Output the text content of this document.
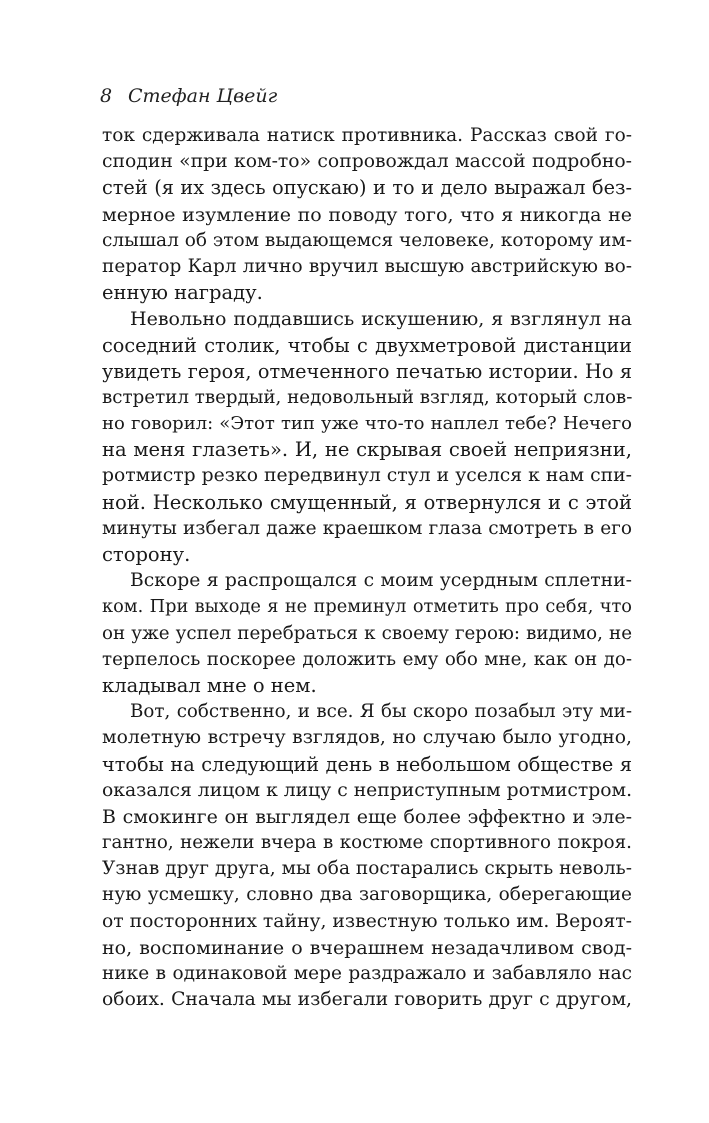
8 Стефан Цвейг
ток сдерживала натиск противника. Рассказ свой го-
сподин «при ком-то» сопровождал массой подробно-
стей (я их здесь опускаю) и то и дело выражал без-
мерное изумление по поводу того, что я никогда не
слышал об этом выдающемся человеке, которому им-
ператор Карл лично вручил высшую австрийскую во-
енную награду.
Невольно поддавшись искушению, я взглянул на
соседний столик, чтобы с двухметровой дистанции
увидеть героя, отмеченного печатью истории. Но я
встретил твердый, недовольный взгляд, который слов-
но говорил: «Этот тип уже что-то наплел тебе? Нечего
на меня глазеть». И, не скрывая своей неприязни,
ротмистр резко передвинул стул и уселся к нам спи-
ной. Несколько смущенный, я отвернулся и с этой
минуты избегал даже краешком глаза смотреть в его
сторону.
Вскоре я распрощался с моим усердным сплетни-
ком. При выходе я не преминул отметить про себя, что
он уже успел перебраться к своему герою: видимо, не
терпелось поскорее доложить ему обо мне, как он до-
кладывал мне о нем.
Вот, собственно, и все. Я бы скоро позабыл эту ми-
молетную встречу взглядов, но случаю было угодно,
чтобы на следующий день в небольшом обществе я
оказался лицом к лицу с неприступным ротмистром.
В смокинге он выглядел еще более эффектно и эле-
гантно, нежели вчера в костюме спортивного покроя.
Узнав друг друга, мы оба постарались скрыть неволь-
ную усмешку, словно два заговорщика, оберегающие
от посторонних тайну, известную только им. Вероят-
но, воспоминание о вчерашнем незадачливом свод-
нике в одинаковой мере раздражало и забавляло нас
обоих. Сначала мы избегали говорить друг с другом,
